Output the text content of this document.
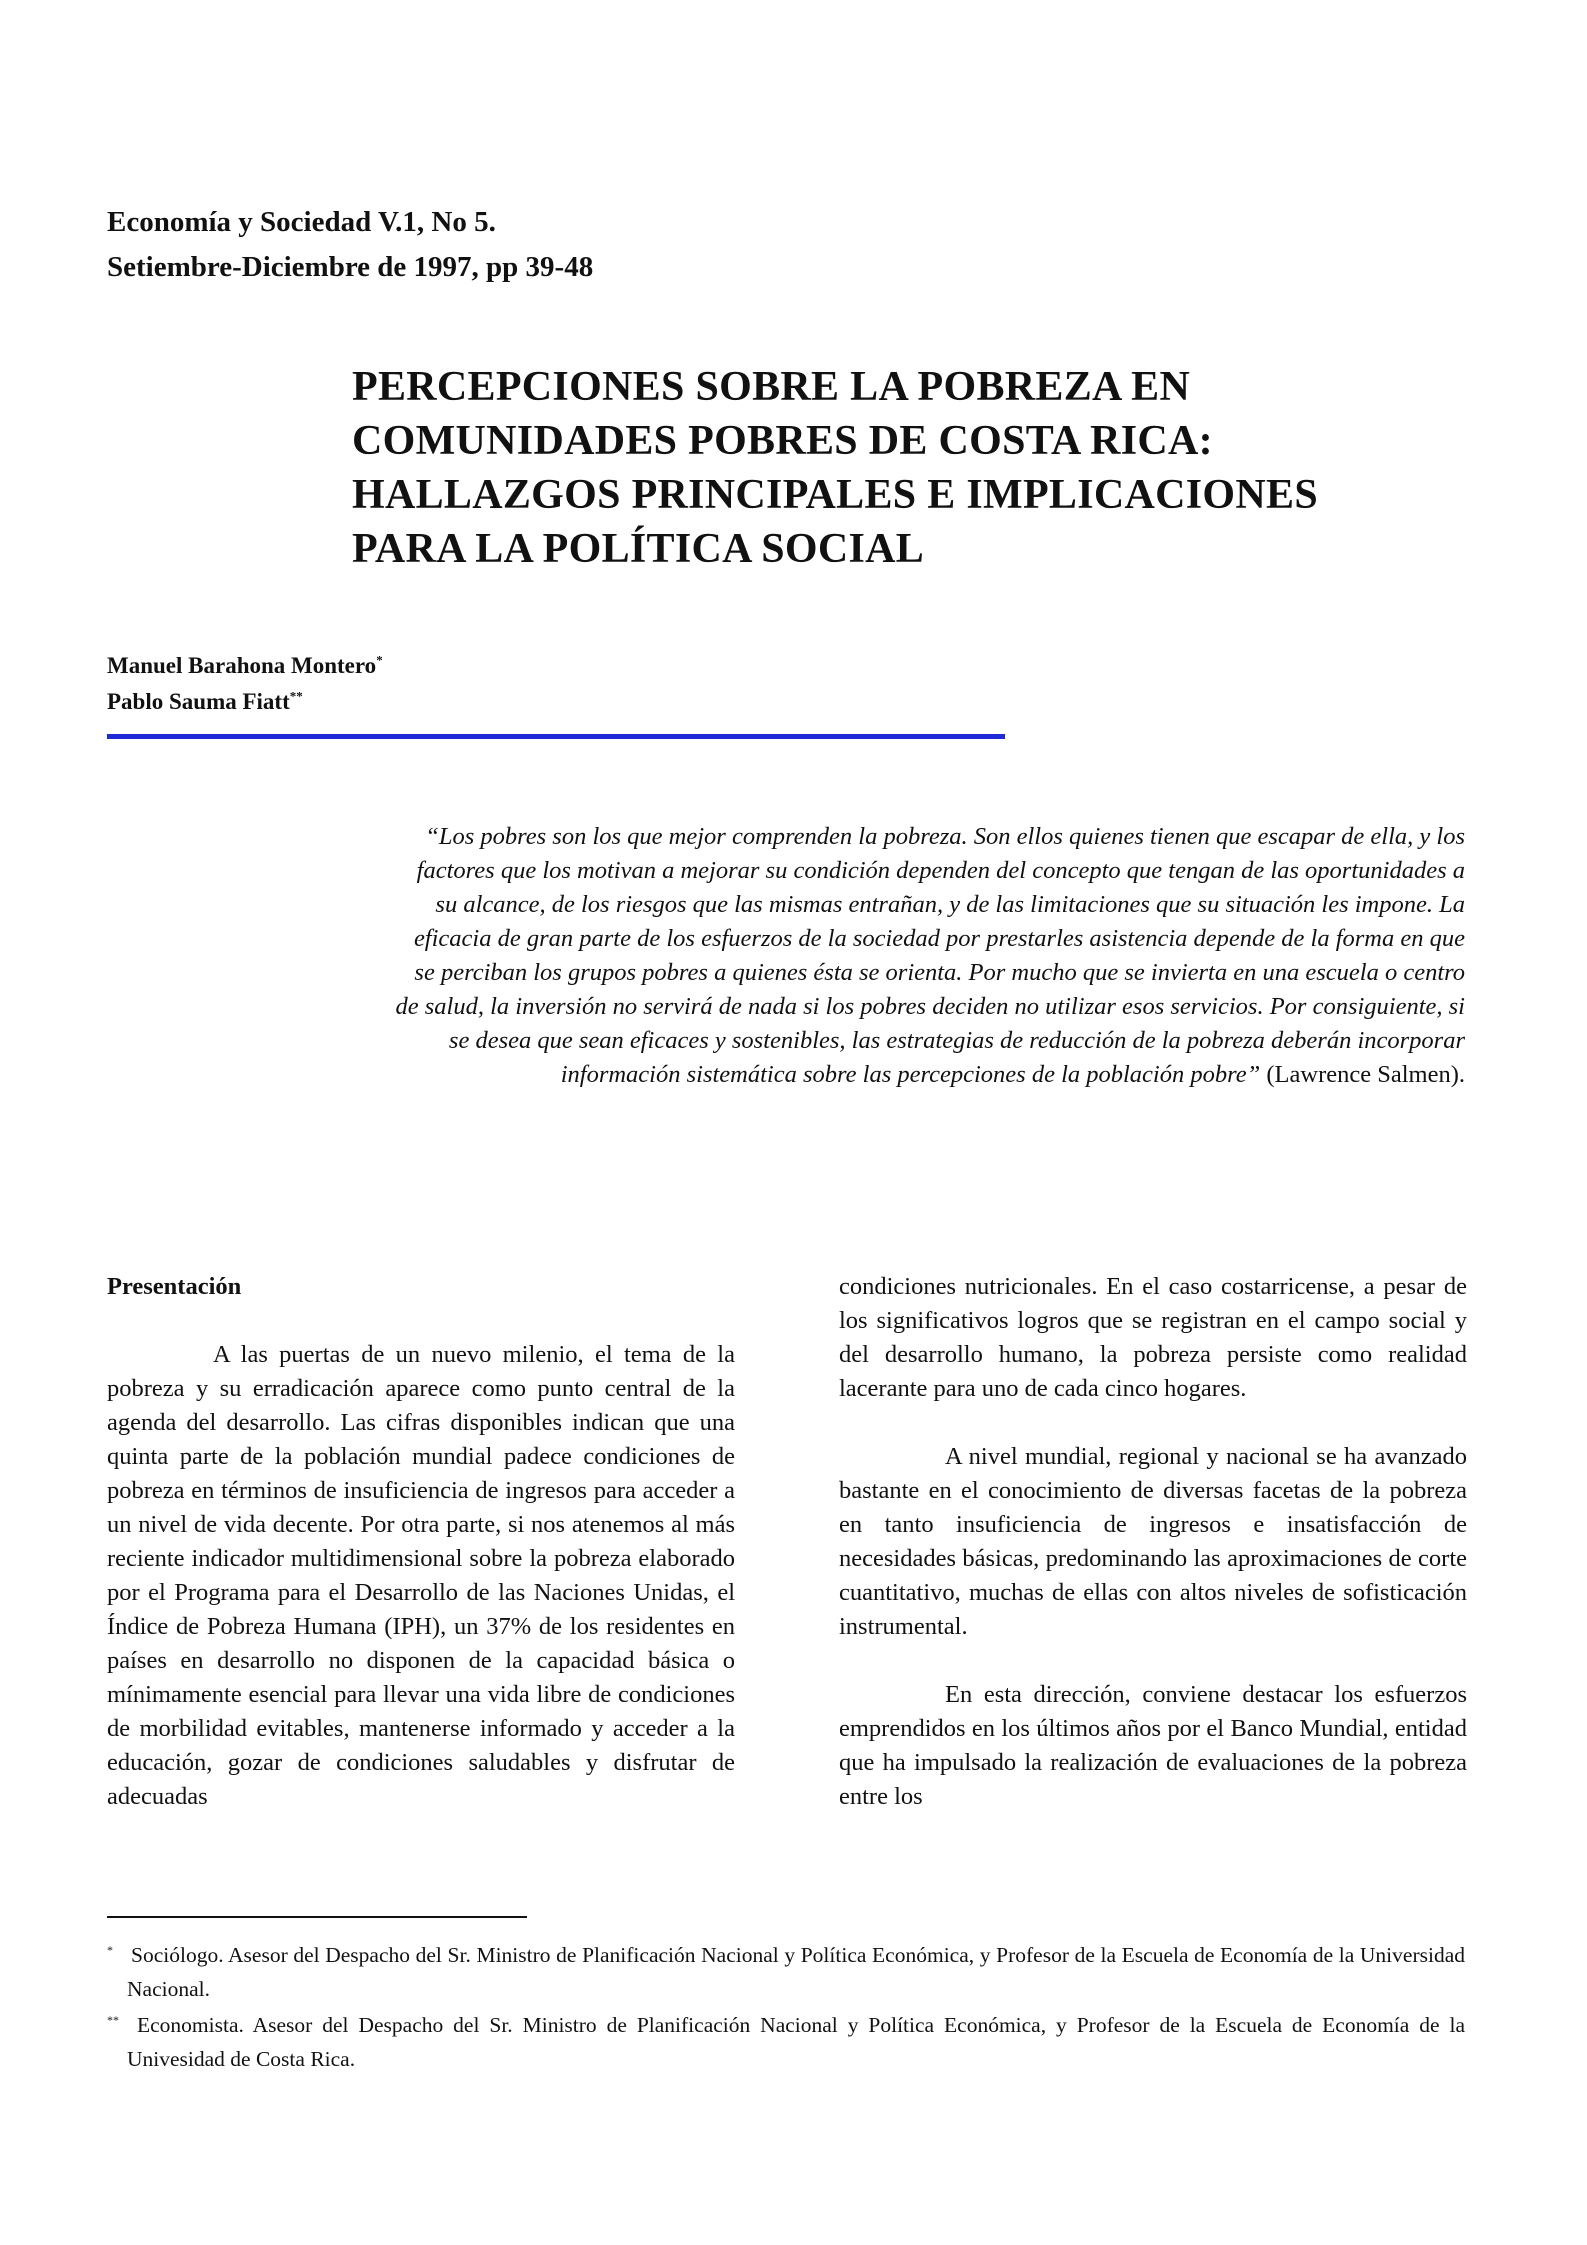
Economía y Sociedad V.1, No 5.
Setiembre-Diciembre de 1997, pp 39-48
PERCEPCIONES SOBRE LA POBREZA EN
COMUNIDADES POBRES DE COSTA RICA:
HALLAZGOS PRINCIPALES E IMPLICACIONES
PARA LA POLÍTICA SOCIAL
Manuel Barahona Montero*
Pablo Sauma Fiatt**
“Los pobres son los que mejor comprenden la pobreza. Son ellos quienes tienen que escapar de ella, y los factores que los motivan a mejorar su condición dependen del concepto que tengan de las oportunidades a su alcance, de los riesgos que las mismas entrañan, y de las limitaciones que su situación les impone. La eficacia de gran parte de los esfuerzos de la sociedad por prestarles asistencia depende de la forma en que se perciban los grupos pobres a quienes ésta se orienta. Por mucho que se invierta en una escuela o centro de salud, la inversión no servirá de nada si los pobres deciden no utilizar esos servicios. Por consiguiente, si se desea que sean eficaces y sostenibles, las estrategias de reducción de la pobreza deberán incorporar información sistemática sobre las percepciones de la población pobre” (Lawrence Salmen).
Presentación

A las puertas de un nuevo milenio, el tema de la pobreza y su erradicación aparece como punto central de la agenda del desarrollo. Las cifras disponibles indican que una quinta parte de la población mundial padece condiciones de pobreza en términos de insuficiencia de ingresos para acceder a un nivel de vida decente. Por otra parte, si nos atenemos al más reciente indicador multidimensional sobre la pobreza elaborado por el Programa para el Desarrollo de las Naciones Unidas, el Índice de Pobreza Humana (IPH), un 37% de los residentes en países en desarrollo no disponen de la capacidad básica o mínimamente esencial para llevar una vida libre de condiciones de morbilidad evitables, mantenerse informado y acceder a la educación, gozar de condiciones saludables y disfrutar de adecuadas

condiciones nutricionales. En el caso costarricense, a pesar de los significativos logros que se registran en el campo social y del desarrollo humano, la pobreza persiste como realidad lacerante para uno de cada cinco hogares.

A nivel mundial, regional y nacional se ha avanzado bastante en el conocimiento de diversas facetas de la pobreza en tanto insuficiencia de ingresos e insatisfacción de necesidades básicas, predominando las aproximaciones de corte cuantitativo, muchas de ellas con altos niveles de sofisticación instrumental.

En esta dirección, conviene destacar los esfuerzos emprendidos en los últimos años por el Banco Mundial, entidad que ha impulsado la realización de evaluaciones de la pobreza entre los

* Sociólogo. Asesor del Despacho del Sr. Ministro de Planificación Nacional y Política Económica, y Profesor de la Escuela de Economía de la Universidad Nacional.

** Economista. Asesor del Despacho del Sr. Ministro de Planificación Nacional y Política Económica, y Profesor de la Escuela de Economía de la Univesidad de Costa Rica.
